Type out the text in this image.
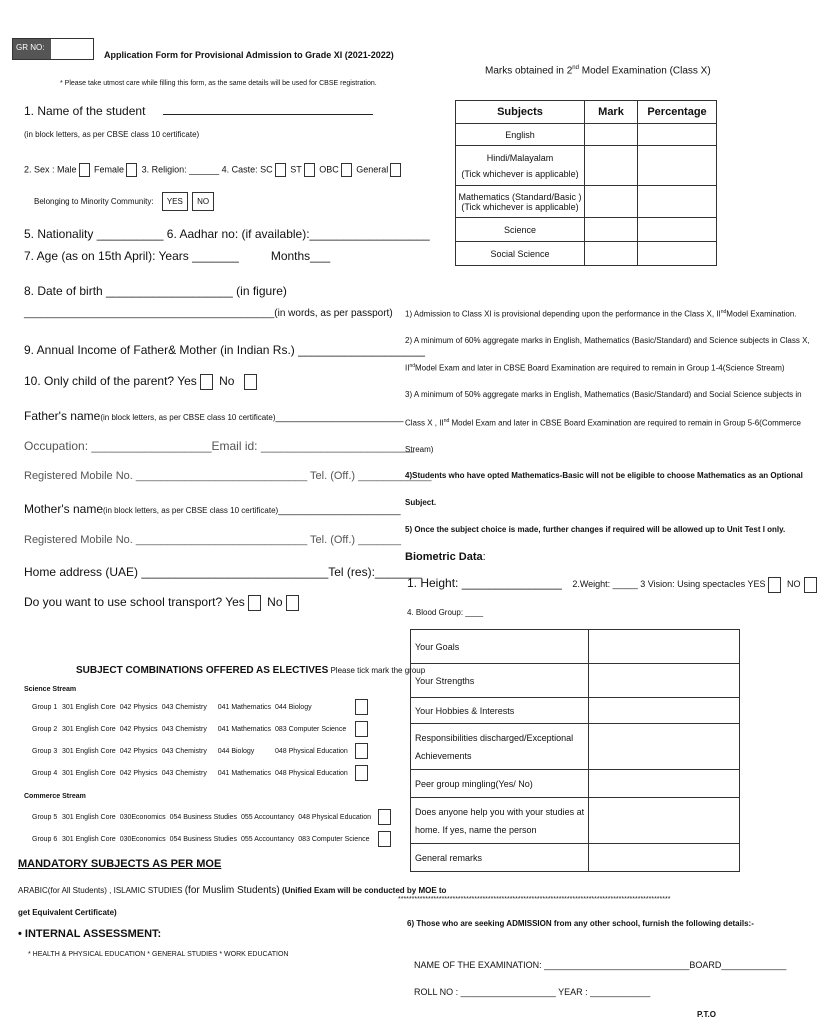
GR NO:
Application Form for Provisional Admission to Grade XI (2021-2022)
* Please take utmost care while filling this form, as the same details will be used for CBSE registration.
1. Name of the student
(in block letters, as per CBSE class 10 certificate)
2. Sex : Male Female 3. Religion: ______ 4. Caste: SC ST OBC General
Belonging to Minority Community: YES NO
5. Nationality __________ 6. Aadhar no: (if available):__________________
7. Age (as on 15th April): Years _______	Months___
8. Date of birth ___________________ (in figure)
_____________________________________________(in words, as per passport)
9. Annual Income of Father& Mother (in Indian Rs.) ___________________
10. Only child of the parent? Yes No
Father's name(in block letters, as per CBSE class 10 certificate)_______________________
Occupation: __________________Email id: _______________________
Registered Mobile No. ____________________________ Tel. (Off.) ____________
Mother's name(in block letters, as per CBSE class 10 certificate)______________________
Registered Mobile No. ____________________________ Tel. (Off.) _______
Home address (UAE) ____________________________Tel (res):_______
Do you want to use school transport? Yes No
Marks obtained in 2nd Model Examination (Class X)
Subjects	Mark	Percentage
English		

Hindi/Malayalam
(Tick whichever is applicable)		

Mathematics (Standard/Basic )
(Tick whichever is applicable)		

Science		
Social Science		
1) Admission to Class XI is provisional depending upon the performance in the Class X, IIndModel Examination.
2) A minimum of 60% aggregate marks in English, Mathematics (Basic/Standard) and Science subjects in Class X,
IIndModel Exam and later in CBSE Board Examination are required to remain in Group 1-4(Science Stream)
3) A minimum of 50% aggregate marks in English, Mathematics (Basic/Standard) and Social Science subjects in
Class X , IInd Model Exam and later in CBSE Board Examination are required to remain in Group 5-6(Commerce
Stream)
4)Students who have opted Mathematics-Basic will not be eligible to choose Mathematics as an Optional
Subject.
5) Once the subject choice is made, further changes if required will be allowed up to Unit Test I only.
Biometric Data:
1. Height: _______________ 2.Weight: _____ 3 Vision: Using spectacles YES NO
4. Blood Group: ____
Your Goals	
Your Strengths	
Your Hobbies & Interests	

Responsibilities discharged/Exceptional
Achievements	

Peer group mingling(Yes/ No)	

Does anyone help you with your studies at
home. If yes, name the person	

General remarks	
****************************************************************************************************
6) Those who are seeking ADMISSION from any other school, furnish the following details:-
NAME OF THE EXAMINATION: _____________________________BOARD_____________
ROLL NO : ___________________ YEAR : ____________
P.T.O
SUBJECT COMBINATIONS OFFERED AS ELECTIVES Please tick mark the group
Science Stream
Group 1	301 English Core	042 Physics	043 Chemistry	041 Mathematics	044 Biology	
Group 2	301 English Core	042 Physics	043 Chemistry	041 Mathematics	083 Computer Science	
Group 3	301 English Core	042 Physics	043 Chemistry	044 Biology	048 Physical Education	
Group 4	301 English Core	042 Physics	043 Chemistry	041 Mathematics	048 Physical Education	
Commerce Stream
Group 5	301 English Core	030Economics	054 Business Studies	055 Accountancy	048 Physical Education	
Group 6	301 English Core	030Economics	054 Business Studies	055 Accountancy	083 Computer Science	
MANDATORY SUBJECTS AS PER MOE
ARABIC(for All Students) , ISLAMIC STUDIES (for Muslim Students) (Unified Exam will be conducted by MOE to
get Equivalent Certificate)
• INTERNAL ASSESSMENT:
* HEALTH & PHYSICAL EDUCATION * GENERAL STUDIES * WORK EDUCATION
